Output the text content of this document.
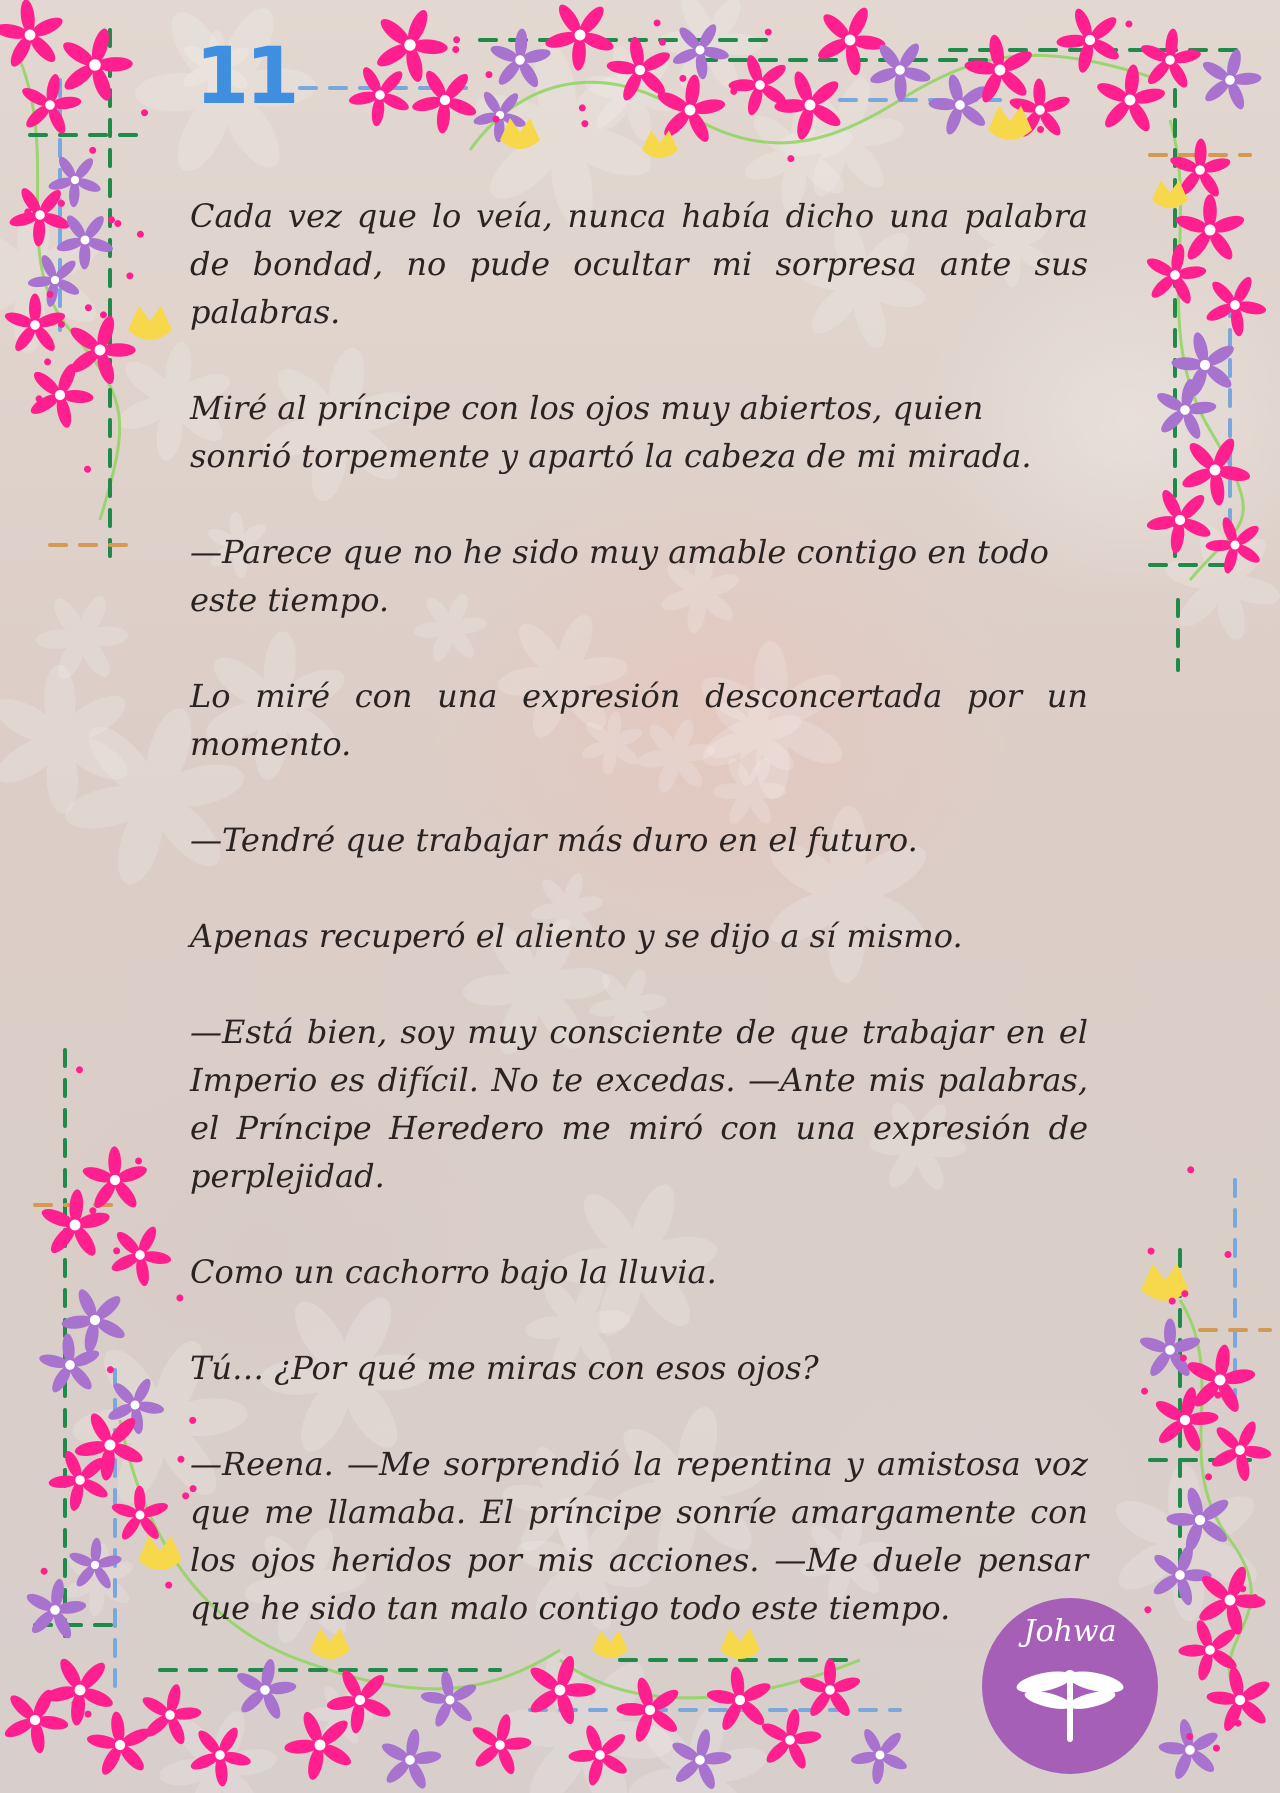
11

Cada vez que lo veía, nunca había dicho una palabra de bondad, no pude ocultar mi sorpresa ante sus palabras.

Miré al príncipe con los ojos muy abiertos, quien sonrió torpemente y apartó la cabeza de mi mirada.

—Parece que no he sido muy amable contigo en todo este tiempo.

Lo miré con una expresión desconcertada por un momento.

—Tendré que trabajar más duro en el futuro.

Apenas recuperó el aliento y se dijo a sí mismo.

—Está bien, soy muy consciente de que trabajar en el Imperio es difícil. No te excedas. —Ante mis palabras, el Príncipe Heredero me miró con una expresión de perplejidad.

Como un cachorro bajo la lluvia.

Tú… ¿Por qué me miras con esos ojos?

—Reena. —Me sorprendió la repentina y amistosa voz que me llamaba. El príncipe sonríe amargamente con los ojos heridos por mis acciones. —Me duele pensar que he sido tan malo contigo todo este tiempo.

Johwa
